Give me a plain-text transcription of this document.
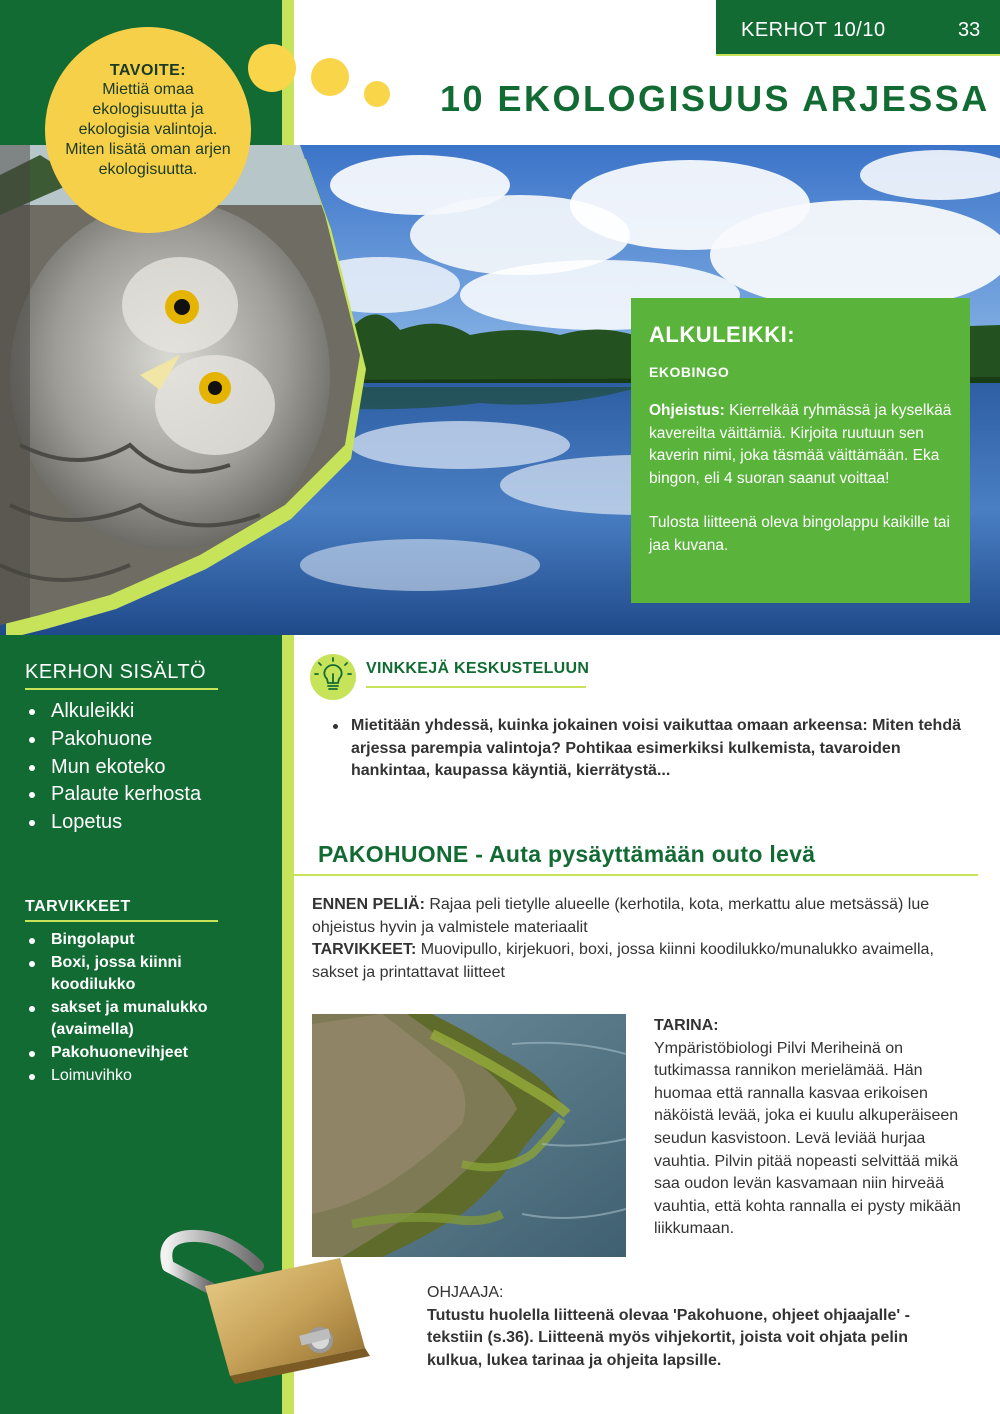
KERHOT 10/10	33
10 EKOLOGISUUS ARJESSA
ALKULEIKKI:
EKOBINGO
Ohjeistus: Kierrelkää ryhmässä ja kyselkää kavereilta väittämiä. Kirjoita ruutuun sen kaverin nimi, joka täsmää väittämään. Eka bingon, eli 4 suoran saanut voittaa!
Tulosta liitteenä oleva bingolappu kaikille tai jaa kuvana.
TAVOITE:
Miettiä omaa ekologisuutta ja ekologisia valintoja. Miten lisätä oman arjen ekologisuutta.
KERHON SISÄLTÖ
Alkuleikki
Pakohuone
Mun ekoteko
Palaute kerhosta
Lopetus
TARVIKKEET
Bingolaput
Boxi, jossa kiinni koodilukko
sakset ja munalukko (avaimella)
Pakohuonevihjeet
Loimuvihko
VINKKEJÄ KESKUSTELUUN
Mietitään yhdessä, kuinka jokainen voisi vaikuttaa omaan arkeensa: Miten tehdä arjessa parempia valintoja? Pohtikaa esimerkiksi kulkemista, tavaroiden hankintaa, kaupassa käyntiä, kierrätystä...
PAKOHUONE - Auta pysäyttämään outo levä
ENNEN PELIÄ: Rajaa peli tietylle alueelle (kerhotila, kota, merkattu alue metsässä) lue ohjeistus hyvin ja valmistele materiaalit
TARVIKKEET: Muovipullo, kirjekuori, boxi, jossa kiinni koodilukko/munalukko avaimella, sakset ja printattavat liitteet
TARINA:
Ympäristöbiologi Pilvi Meriheinä on tutkimassa rannikon merielämää. Hän huomaa että rannalla kasvaa erikoisen näköistä levää, joka ei kuulu alkuperäiseen seudun kasvistoon. Levä leviää hurjaa vauhtia. Pilvin pitää nopeasti selvittää mikä saa oudon levän kasvamaan niin hirveää vauhtia, että kohta rannalla ei pysty mikään liikkumaan.
OHJAAJA:
Tutustu huolella liitteenä olevaa 'Pakohuone, ohjeet ohjaajalle' -tekstiin (s.36). Liitteenä myös vihjekortit, joista voit ohjata pelin kulkua, lukea tarinaa ja ohjeita lapsille.
